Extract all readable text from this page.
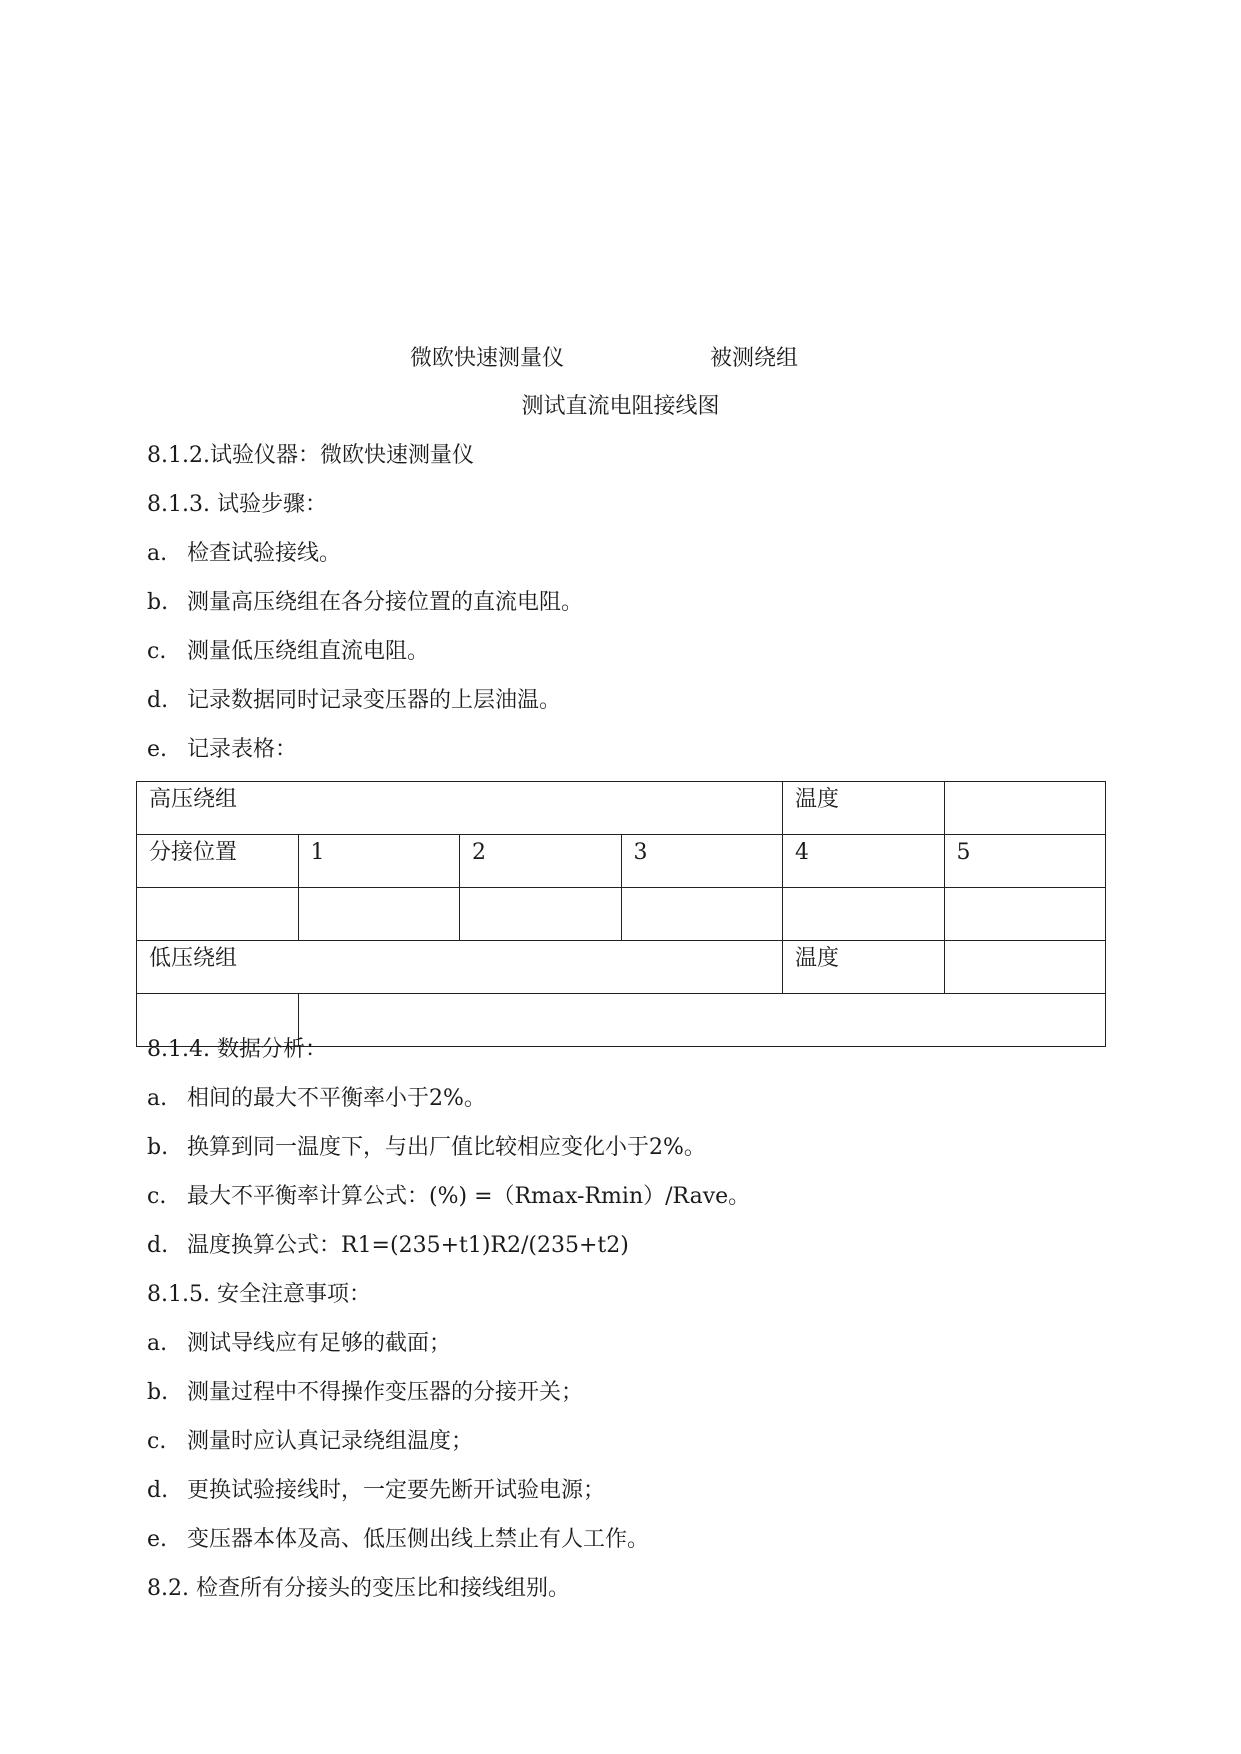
微欧快速测量仪	被测绕组
测试直流电阻接线图
8.1.2.试验仪器：微欧快速测量仪
8.1.3. 试验步骤：
a. 检查试验接线。
b. 测量高压绕组在各分接位置的直流电阻。
c. 测量低压绕组直流电阻。
d. 记录数据同时记录变压器的上层油温。
e. 记录表格：
高压绕组				温度	
分接位置	1	2	3	4	5

低压绕组				温度	

8.1.4. 数据分析：
a. 相间的最大不平衡率小于2%。
b. 换算到同一温度下，与出厂值比较相应变化小于2%。
c. 最大不平衡率计算公式：(%) =（Rmax-Rmin）/Rave。
d. 温度换算公式：R1=(235+t1)R2/(235+t2)
8.1.5. 安全注意事项：
a. 测试导线应有足够的截面；
b. 测量过程中不得操作变压器的分接开关；
c. 测量时应认真记录绕组温度；
d. 更换试验接线时，一定要先断开试验电源；
e. 变压器本体及高、低压侧出线上禁止有人工作。
8.2. 检查所有分接头的变压比和接线组别。
